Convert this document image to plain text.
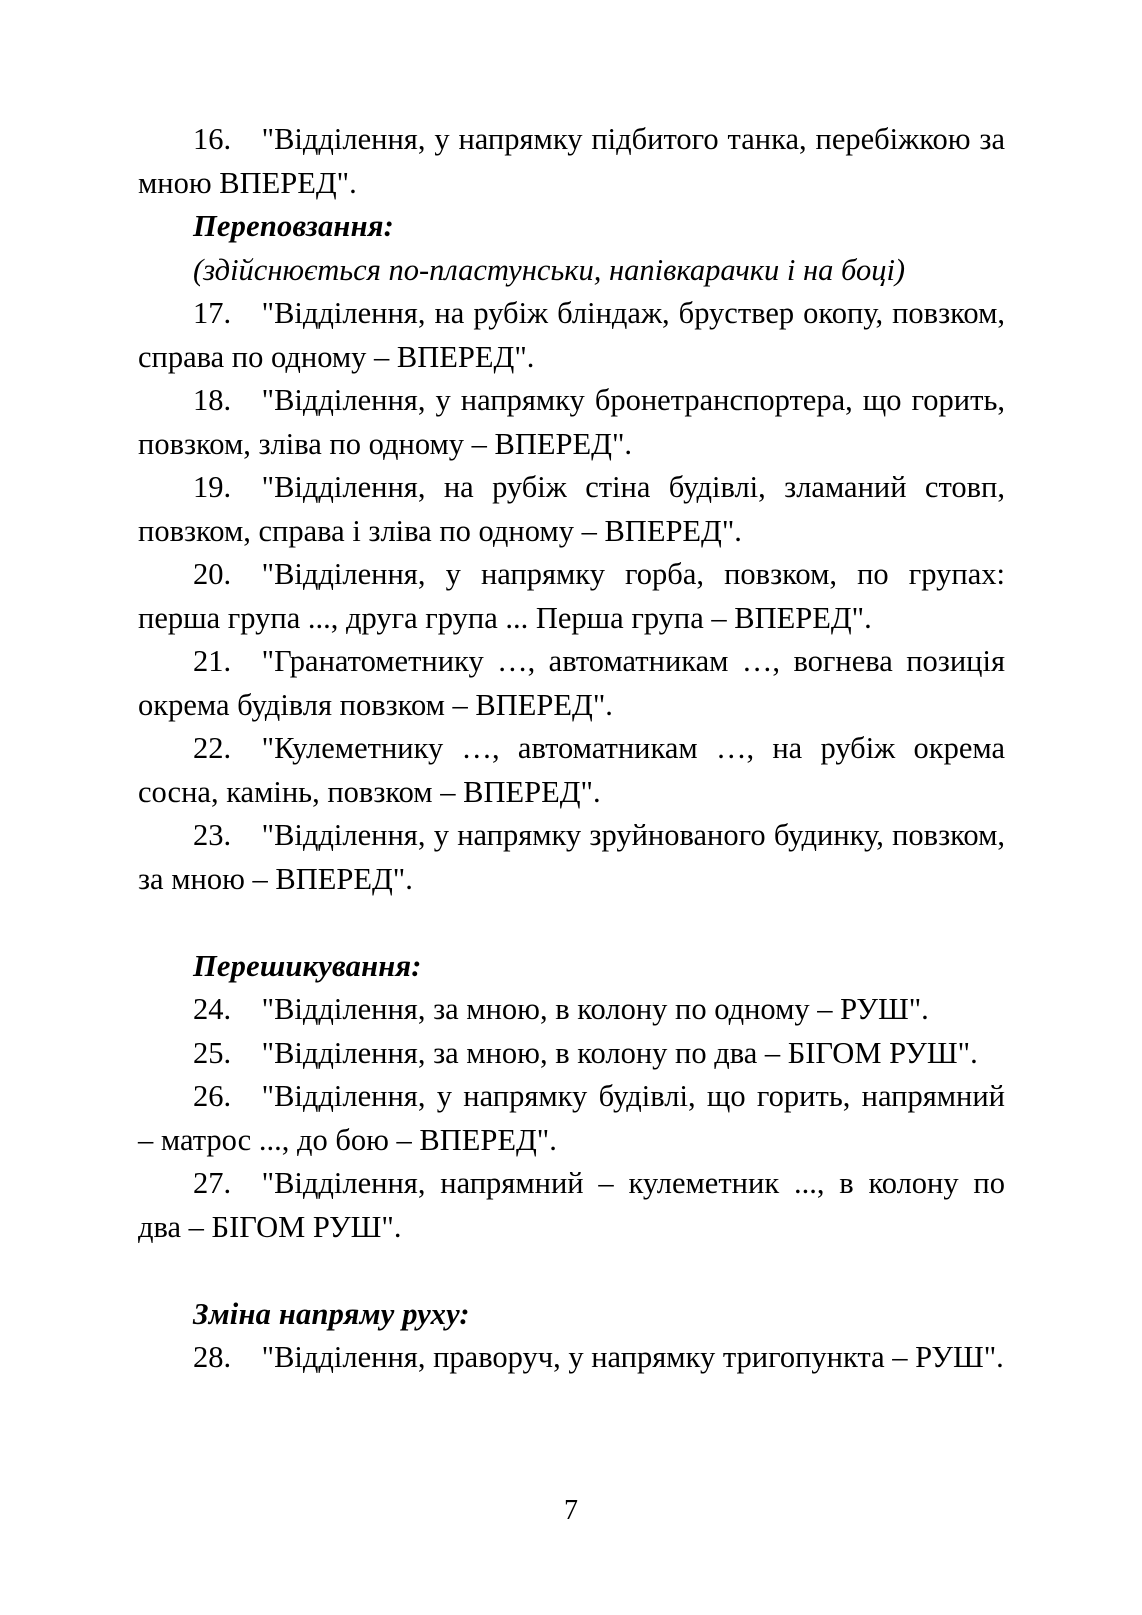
16.   "Відділення, у напрямку підбитого танка, перебіжкою за мною ВПЕРЕД".

Переповзання:

(здійснюється по-пластунськи, напівкарачки і на боці)

17.   "Відділення, на рубіж бліндаж, бруствер окопу, повзком, справа по одному – ВПЕРЕД".

18.   "Відділення, у напрямку бронетранспортера, що горить, повзком, зліва по одному – ВПЕРЕД".

19.   "Відділення, на рубіж стіна будівлі, зламаний стовп, повзком, справа і зліва по одному – ВПЕРЕД".

20.   "Відділення, у напрямку горба, повзком, по групах: перша група ..., друга група ... Перша група – ВПЕРЕД".

21.   "Гранатометнику …, автоматникам …, вогнева позиція окрема будівля повзком – ВПЕРЕД".

22.   "Кулеметнику …, автоматникам …, на рубіж окрема сосна, камінь, повзком – ВПЕРЕД".

23.   "Відділення, у напрямку зруйнованого будинку, повзком, за мною – ВПЕРЕД".

Перешикування:

24.   "Відділення, за мною, в колону по одному – РУШ".

25.   "Відділення, за мною, в колону по два – БІГОМ РУШ".

26.   "Відділення, у напрямку будівлі, що горить, напрямний – матрос ..., до бою – ВПЕРЕД".

27.   "Відділення, напрямний – кулеметник ..., в колону по два – БІГОМ РУШ".

Зміна напряму руху:

28.   "Відділення, праворуч, у напрямку тригопункта – РУШ".

7
